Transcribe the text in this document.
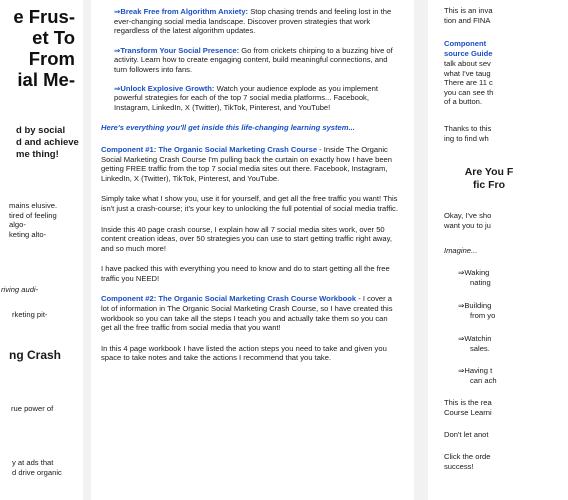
e Frus-
et To
From
ial Me-
d by social
d and achieve
me thing!
mains elusive.
tired of feeling
algo-
keting alto-
riving audi-
rketing pit-
ng Crash
rue power of
y at ads that
d drive organic

⇒Break Free from Algorithm Anxiety: Stop chasing trends and feeling lost in the ever-changing social media landscape. Discover proven strategies that work regardless of the latest algorithm updates.

⇒Transform Your Social Presence: Go from crickets chirping to a buzzing hive of activity. Learn how to create engaging content, build meaningful connections, and turn followers into fans.

⇒Unlock Explosive Growth: Watch your audience explode as you implement powerful strategies for each of the top 7 social media platforms... Facebook, Instagram, LinkedIn, X (Twitter), TikTok, Pinterest, and YouTube!

Here's everything you'll get inside this life-changing learning system...

Component #1: The Organic Social Marketing Crash Course - Inside The Organic Social Marketing Crash Course I'm pulling back the curtain on exactly how I have been getting FREE traffic from the top 7 social media sites out there. Facebook, Instagram, LinkedIn, X (Twitter), TikTok, Pinterest, and YouTube.

Simply take what I show you, use it for yourself, and get all the free traffic you want! This isn't just a crash-course; it's your key to unlocking the full potential of social media traffic.

Inside this 40 page crash course, I explain how all 7 social media sites work, over 50 content creation ideas, over 50 strategies you can use to start getting traffic right away, and so much more!

I have packed this with everything you need to know and do to start getting all the free traffic you NEED!

Component #2: The Organic Social Marketing Crash Course Workbook - I cover a lot of information in The Organic Social Marketing Crash Course, so I have created this workbook so you can take all the steps I teach you and actually take them so you can get all the free traffic from social media that you want!

In this 4 page workbook I have listed the action steps you need to take and given you space to take notes and take the actions I recommend that you take.

This is an inva
tion and FINA
Component
source Guide
talk about sev
what I've taug
There are 11 c
you can see th
of a button.
Thanks to this
ing to find wh
Are You F
fic Fro
Okay, I've sho
want you to ju
Imagine...
⇒Waking
nating
⇒Building
from yo
⇒Watchin
sales.
⇒Having t
can ach
This is the rea
Course Learni
Don't let anot
Click the orde
success!
